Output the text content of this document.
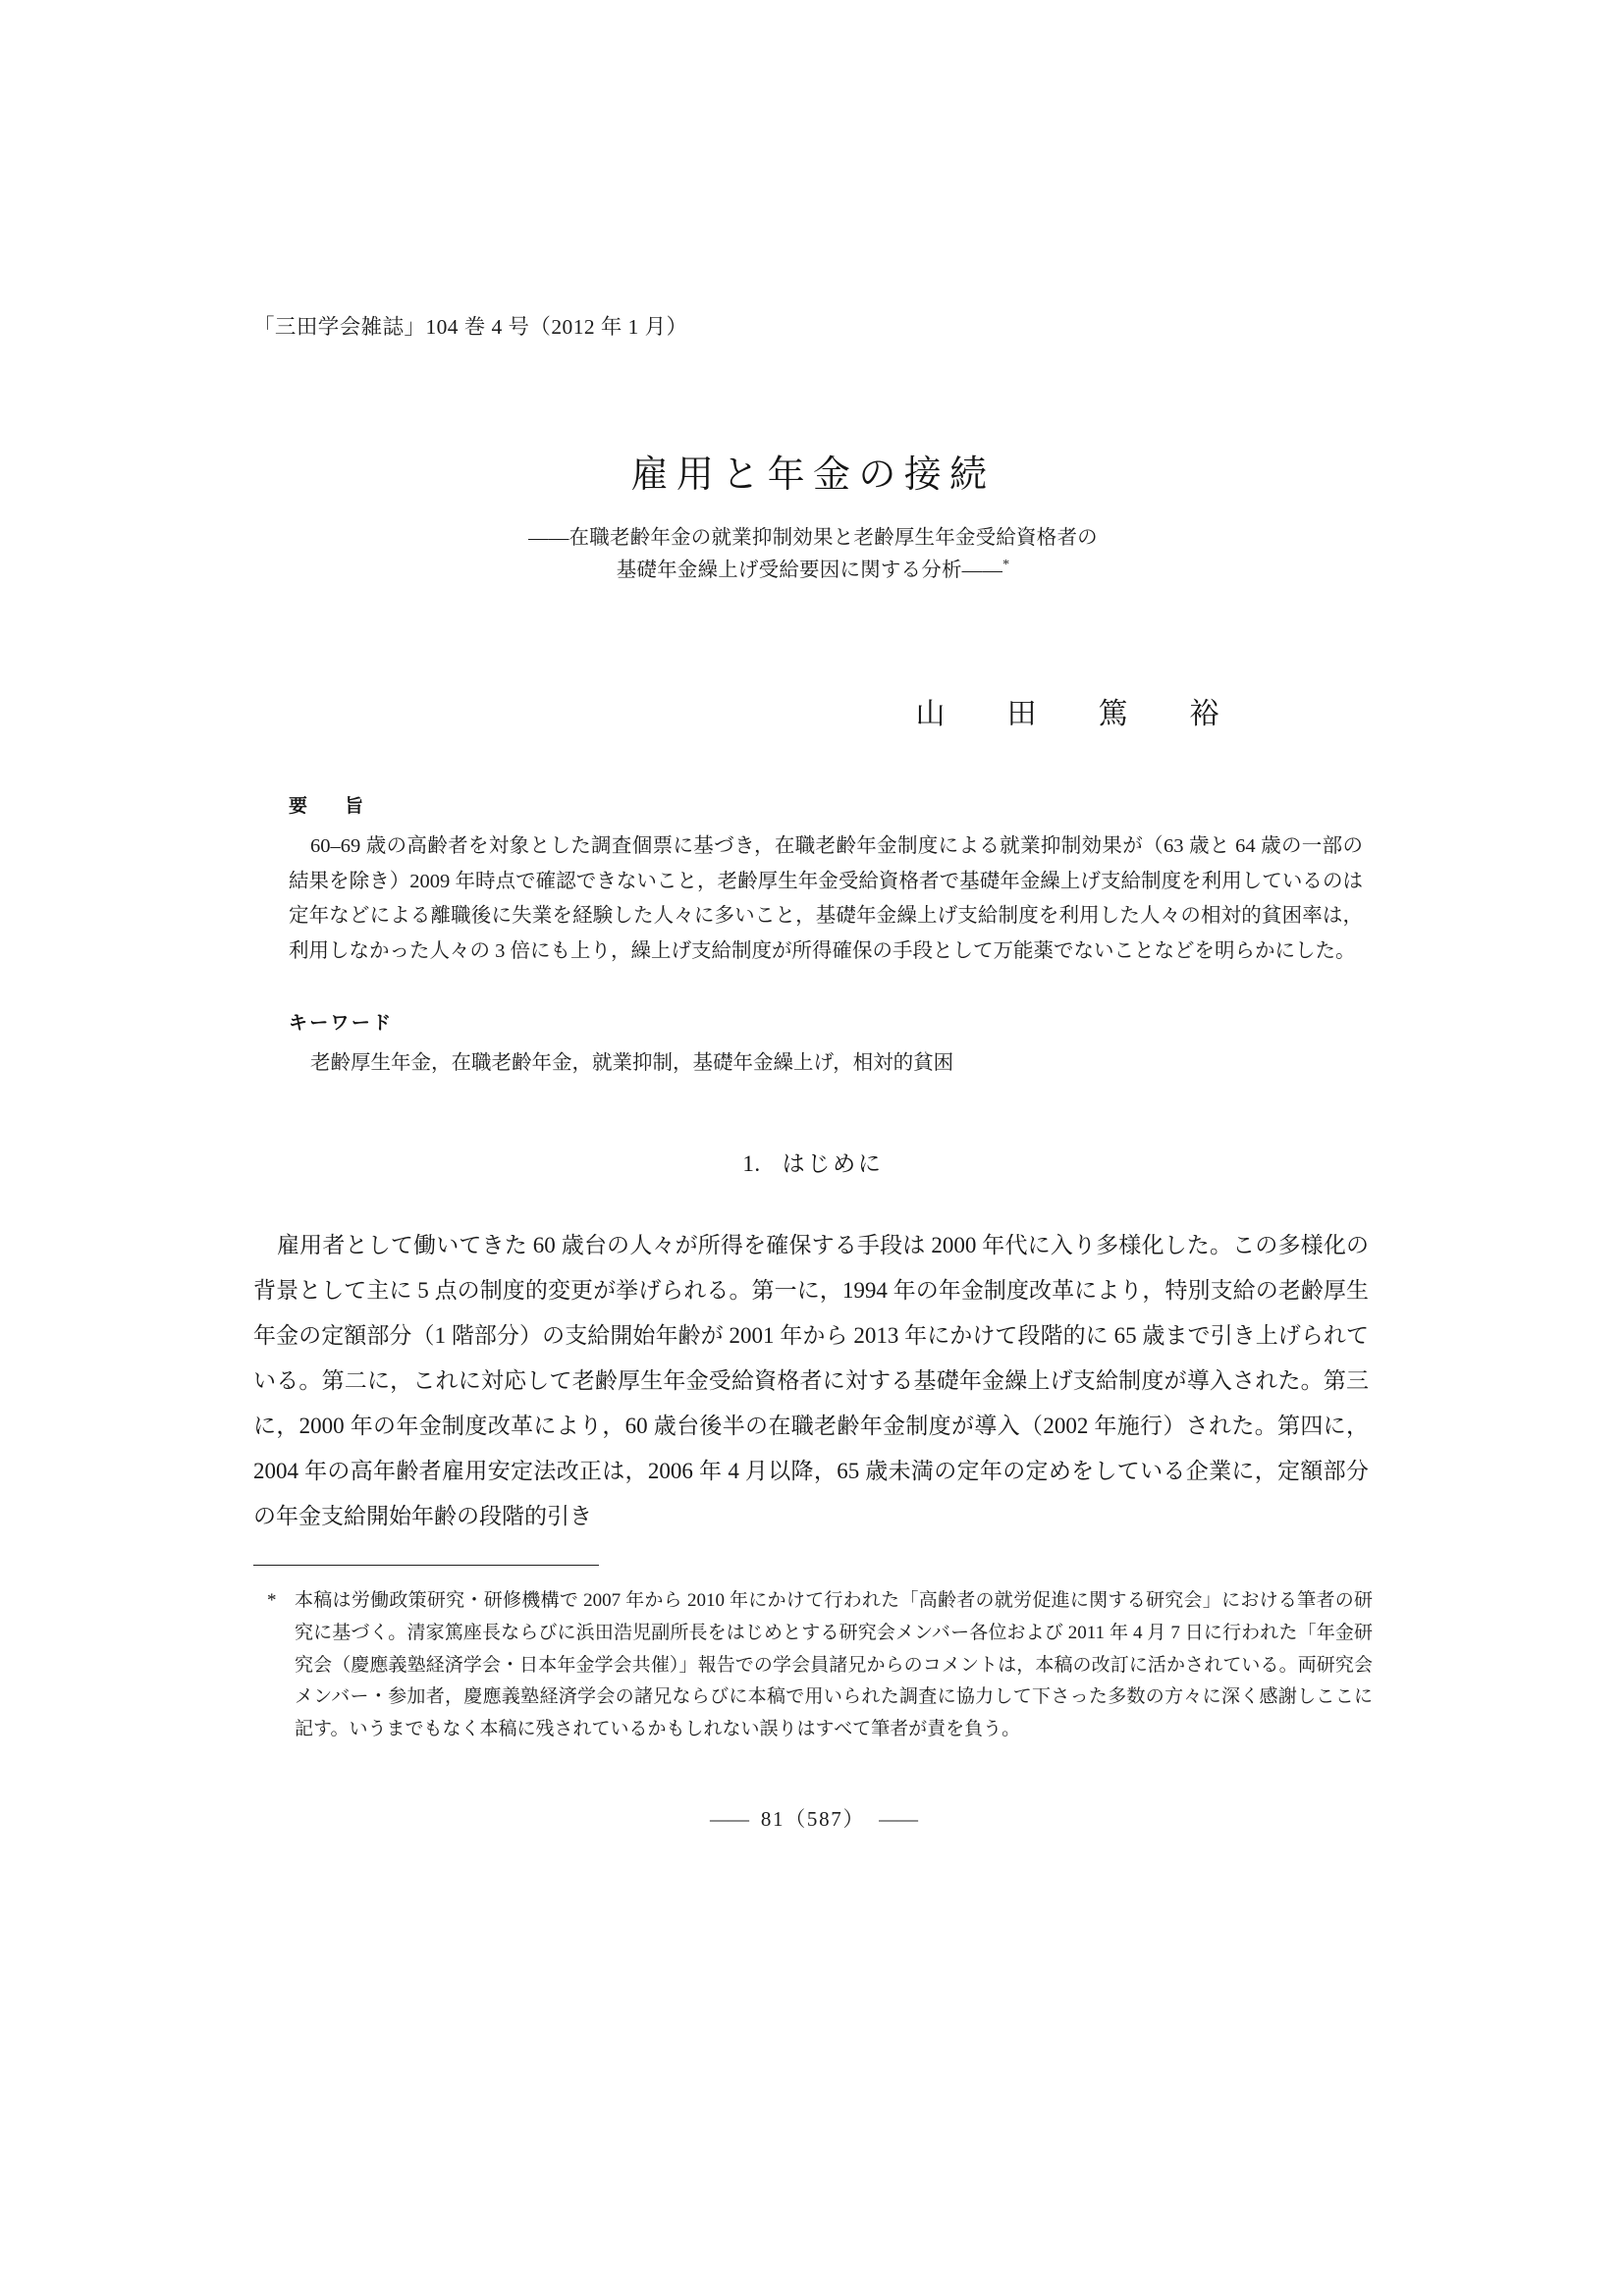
「三田学会雑誌」104 巻 4 号（2012 年 1 月）
雇用と年金の接続
——在職老齢年金の就業抑制効果と老齢厚生年金受給資格者の
基礎年金繰上げ受給要因に関する分析——*
山　田　篤　裕
要　旨
60–69 歳の高齢者を対象とした調査個票に基づき，在職老齢年金制度による就業抑制効果が（63 歳と 64 歳の一部の結果を除き）2009 年時点で確認できないこと，老齢厚生年金受給資格者で基礎年金繰上げ支給制度を利用しているのは定年などによる離職後に失業を経験した人々に多いこと，基礎年金繰上げ支給制度を利用した人々の相対的貧困率は，利用しなかった人々の 3 倍にも上り，繰上げ支給制度が所得確保の手段として万能薬でないことなどを明らかにした。
キーワード
老齢厚生年金，在職老齢年金，就業抑制，基礎年金繰上げ，相対的貧困
1. はじめに
雇用者として働いてきた 60 歳台の人々が所得を確保する手段は 2000 年代に入り多様化した。この多様化の背景として主に 5 点の制度的変更が挙げられる。第一に，1994 年の年金制度改革により，特別支給の老齢厚生年金の定額部分（1 階部分）の支給開始年齢が 2001 年から 2013 年にかけて段階的に 65 歳まで引き上げられている。第二に，これに対応して老齢厚生年金受給資格者に対する基礎年金繰上げ支給制度が導入された。第三に，2000 年の年金制度改革により，60 歳台後半の在職老齢年金制度が導入（2002 年施行）された。第四に，2004 年の高年齢者雇用安定法改正は，2006 年 4 月以降，65 歳未満の定年の定めをしている企業に，定額部分の年金支給開始年齢の段階的引き
* 本稿は労働政策研究・研修機構で 2007 年から 2010 年にかけて行われた「高齢者の就労促進に関する研究会」における筆者の研究に基づく。清家篤座長ならびに浜田浩児副所長をはじめとする研究会メンバー各位および 2011 年 4 月 7 日に行われた「年金研究会（慶應義塾経済学会・日本年金学会共催）」報告での学会員諸兄からのコメントは，本稿の改訂に活かされている。両研究会メンバー・参加者，慶應義塾経済学会の諸兄ならびに本稿で用いられた調査に協力して下さった多数の方々に深く感謝しここに記す。いうまでもなく本稿に残されているかもしれない誤りはすべて筆者が責を負う。
—— 81（587） ——
